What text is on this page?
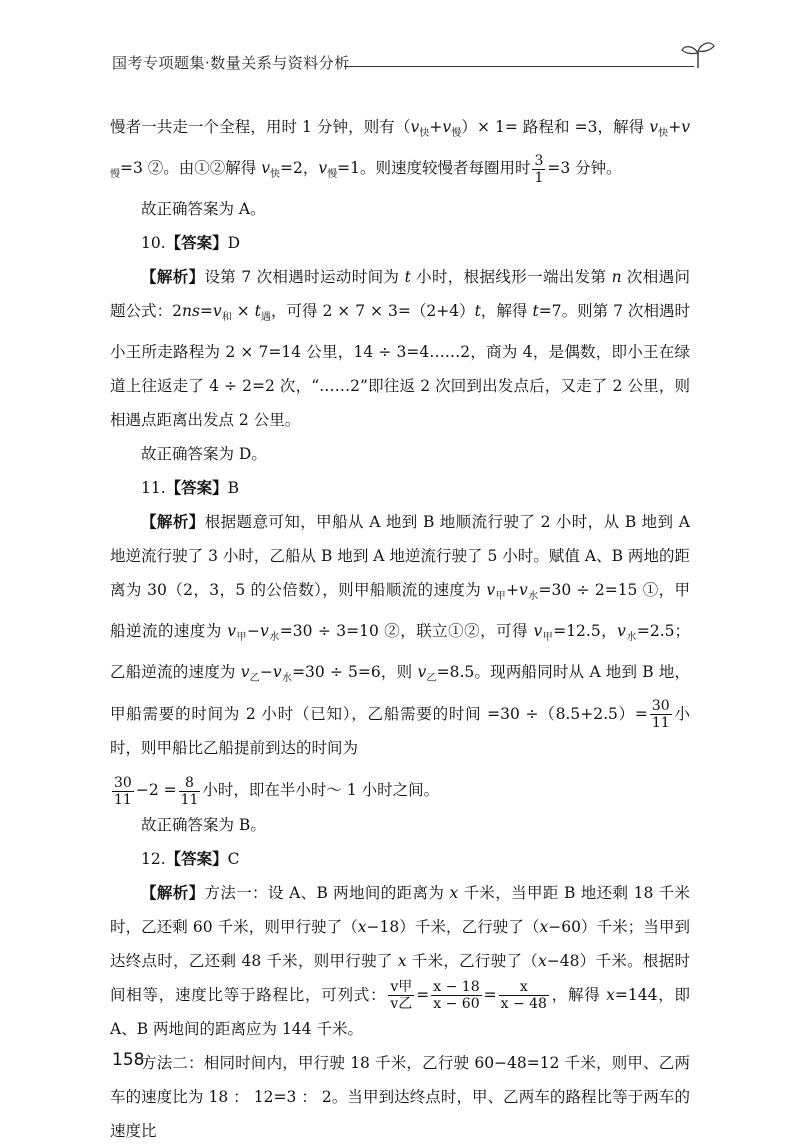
国考专项题集·数量关系与资料分析

慢者一共走一个全程，用时 1 分钟，则有$(v_快+v_慢)\times 1=$ 路程和 =3，解得 $v_快+v_慢=3$ ②。由①②解得 $v_快=2$，$v_慢=1$。则速度较慢者每圈用时 $\frac{3}{1} =3$ 分钟。

故正确答案为 A。
10.【答案】D

【解析】设第 7 次相遇时运动时间为 t 小时，根据线形一端出发第 n 次相遇问题公式：$2ns=v_和 \times t_遇$，可得 2 × 7 × 3=（2+4）t，解得 t=7。则第 7 次相遇时小王所走路程为 2 × 7=14 公里，14 ÷ 3=4……2，商为 4，是偶数，即小王在绿道上往返走了 4 ÷ 2=2 次，“……2”即往返 2 次回到出发点后，又走了 2 公里，则相遇点距离出发点 2 公里。

故正确答案为 D。
11.【答案】B

【解析】根据题意可知，甲船从 A 地到 B 地顺流行驶了 2 小时，从 B 地到 A 地逆流行驶了 3 小时，乙船从 B 地到 A 地逆流行驶了 5 小时。赋值 A、B 两地的距离为 30（2，3，5 的公倍数），则甲船顺流的速度为 $v_甲+v_水=30 \div 2=15$ ①，甲船逆流的速度为 $v_甲-v_水=30 \div 3=10$ ②，联立①②，可得 $v_甲=12.5$，$v_水=2.5$；乙船逆流的速度为 $v_乙-v_水=30 \div 5=6$，则 $v_乙=8.5$。现两船同时从 A 地到 B 地，甲船需要的时间为 2 小时（已知），乙船需要的时间 $=30 \div(8.5+2.5)= \frac{30}{11}$ 小时，则甲船比乙船提前到达的时间为

$\frac{30}{11} -2 = \frac{8}{11}$ 小时，即在半小时～ 1 小时之间。

故正确答案为 B。
12.【答案】C

【解析】方法一：设 A、B 两地间的距离为 x 千米，当甲距 B 地还剩 18 千米时，乙还剩 60 千米，则甲行驶了（x−18）千米，乙行驶了（x−60）千米；当甲到达终点时，乙还剩 48 千米，则甲行驶了 x 千米，乙行驶了（x−48）千米。根据时间相等，速度比等于路程比，可列式： $\frac{\text{v甲}}{\text{v乙}} = \frac{x - 18}{x - 60} = \frac{x}{x - 48}$ ，解得 x=144，即 A、B 两地间的距离应为 144 千米。

方法二：相同时间内，甲行驶 18 千米，乙行驶 60−48=12 千米，则甲、乙两车的速度比为 18 ： 12=3 ： 2。当甲到达终点时，甲、乙两车的路程比等于两车的速度比

158
